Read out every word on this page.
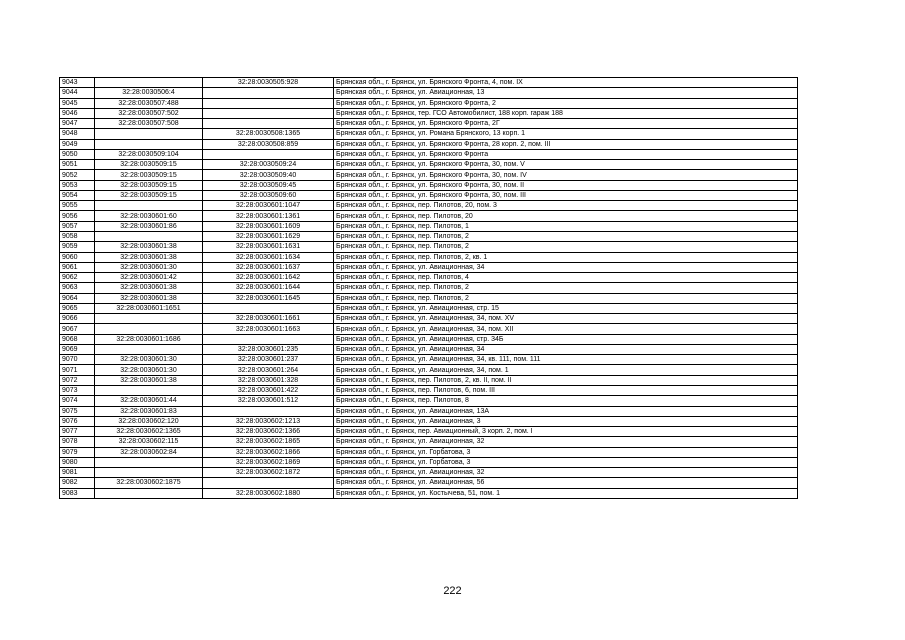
9043		32:28:0030505:928	Брянская обл., г. Брянск, ул. Брянского Фронта, 4, пом. IX
9044	32:28:0030506:4		Брянская обл., г. Брянск, ул. Авиационная, 13
9045	32:28:0030507:488		Брянская обл., г. Брянск, ул. Брянского Фронта, 2
9046	32:28:0030507:502		Брянская обл., г. Брянск, тер. ГСО Автомобилист, 188 корп. гараж 188
9047	32:28:0030507:508		Брянская обл., г. Брянск, ул. Брянского Фронта, 2Г
9048		32:28:0030508:1365	Брянская обл., г. Брянск, ул. Романа Брянского, 13 корп. 1
9049		32:28:0030508:859	Брянская обл., г. Брянск, ул. Брянского Фронта, 28 корп. 2, пом. III
9050	32:28:0030509:104		Брянская обл., г. Брянск, ул. Брянского Фронта
9051	32:28:0030509:15	32:28:0030509:24	Брянская обл., г. Брянск, ул. Брянского Фронта, 30, пом. V
9052	32:28:0030509:15	32:28:0030509:40	Брянская обл., г. Брянск, ул. Брянского Фронта, 30, пом. IV
9053	32:28:0030509:15	32:28:0030509:45	Брянская обл., г. Брянск, ул. Брянского Фронта, 30, пом. II
9054	32:28:0030509:15	32:28:0030509:60	Брянская обл., г. Брянск, ул. Брянского Фронта, 30, пом. III
9055		32:28:0030601:1047	Брянская обл., г. Брянск, пер. Пилотов, 20, пом. 3
9056	32:28:0030601:60	32:28:0030601:1361	Брянская обл., г. Брянск, пер. Пилотов, 20
9057	32:28:0030601:86	32:28:0030601:1609	Брянская обл., г. Брянск, пер. Пилотов, 1
9058		32:28:0030601:1629	Брянская обл., г. Брянск, пер. Пилотов, 2
9059	32:28:0030601:38	32:28:0030601:1631	Брянская обл., г. Брянск, пер. Пилотов, 2
9060	32:28:0030601:38	32:28:0030601:1634	Брянская обл., г. Брянск, пер. Пилотов, 2, кв. 1
9061	32:28:0030601:30	32:28:0030601:1637	Брянская обл., г. Брянск, ул. Авиационная, 34
9062	32:28:0030601:42	32:28:0030601:1642	Брянская обл., г. Брянск, пер. Пилотов, 4
9063	32:28:0030601:38	32:28:0030601:1644	Брянская обл., г. Брянск, пер. Пилотов, 2
9064	32:28:0030601:38	32:28:0030601:1645	Брянская обл., г. Брянск, пер. Пилотов, 2
9065	32:28:0030601:1651		Брянская обл., г. Брянск, ул. Авиационная, стр. 15
9066		32:28:0030601:1661	Брянская обл., г. Брянск, ул. Авиационная, 34, пом. XV
9067		32:28:0030601:1663	Брянская обл., г. Брянск, ул. Авиационная, 34, пом. XII
9068	32:28:0030601:1686		Брянская обл., г. Брянск, ул. Авиационная, стр. 34Б
9069		32:28:0030601:235	Брянская обл., г. Брянск, ул. Авиационная, 34
9070	32:28:0030601:30	32:28:0030601:237	Брянская обл., г. Брянск, ул. Авиационная, 34, кв. 111, пом. 111
9071	32:28:0030601:30	32:28:0030601:264	Брянская обл., г. Брянск, ул. Авиационная, 34, пом. 1
9072	32:28:0030601:38	32:28:0030601:328	Брянская обл., г. Брянск, пер. Пилотов, 2, кв. II, пом. II
9073		32:28:0030601:422	Брянская обл., г. Брянск, пер. Пилотов, 6, пом. III
9074	32:28:0030601:44	32:28:0030601:512	Брянская обл., г. Брянск, пер. Пилотов, 8
9075	32:28:0030601:83		Брянская обл., г. Брянск, ул. Авиационная, 13А
9076	32:28:0030602:120	32:28:0030602:1213	Брянская обл., г. Брянск, ул. Авиационная, 3
9077	32:28:0030602:1365	32:28:0030602:1366	Брянская обл., г. Брянск, пер. Авиационный, 3 корп. 2, пом. I
9078	32:28:0030602:115	32:28:0030602:1865	Брянская обл., г. Брянск, ул. Авиационная, 32
9079	32:28:0030602:84	32:28:0030602:1866	Брянская обл., г. Брянск, ул. Горбатова, 3
9080		32:28:0030602:1869	Брянская обл., г. Брянск, ул. Горбатова, 3
9081		32:28:0030602:1872	Брянская обл., г. Брянск, ул. Авиационная, 32
9082	32:28:0030602:1875		Брянская обл., г. Брянск, ул. Авиационная, 56
9083		32:28:0030602:1880	Брянская обл., г. Брянск, ул. Костычева, 51, пом. 1
222
